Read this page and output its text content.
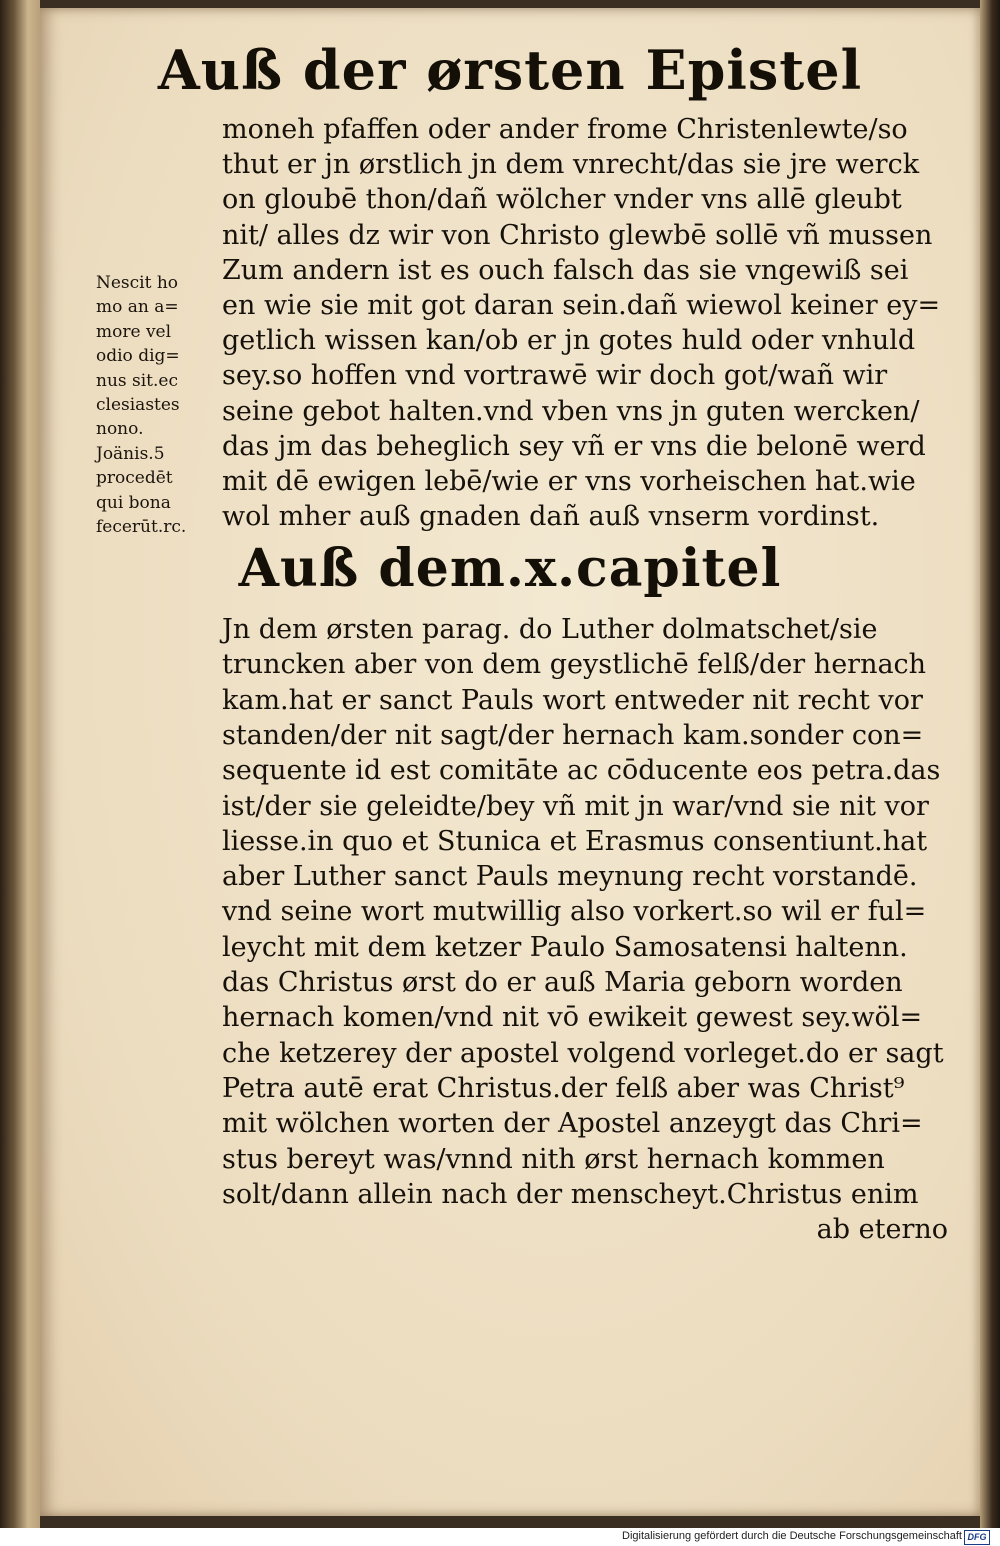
Auß der ørsten Epistel
moneh pfaffen oder ander frome Christenlewte/so
thut er jn ørstlich jn dem vnrecht/das sie jre werck
on gloubē thon/dañ wölcher vnder vns allē gleubt
nit/ alles dz wir von Christo glewbē sollē vñ mussen
Zum andern ist es ouch falsch das sie vngewiß sei
en wie sie mit got daran sein.dañ wiewol keiner ey=
getlich wissen kan/ob er jn gotes huld oder vnhuld
sey.so hoffen vnd vortrawē wir doch got/wañ wir
seine gebot halten.vnd vben vns jn guten wercken/
das jm das beheglich sey vñ er vns die belonē werd
mit dē ewigen lebē/wie er vns vorheischen hat.wie
wol mher auß gnaden dañ auß vnserm vordinst.
Nescit ho
mo an a=
more vel
odio dig=
nus sit.ec
clesiastes
nono.
Joänis.5
procedēt
qui bona
fecerūt.rc.
Auß dem.x.capitel
Jn dem ørsten parag. do Luther dolmatschet/sie
truncken aber von dem geystlichē felß/der hernach
kam.hat er sanct Pauls wort entweder nit recht vor
standen/der nit sagt/der hernach kam.sonder con=
sequente id est comitāte ac cōducente eos petra.das
ist/der sie geleidte/bey vñ mit jn war/vnd sie nit vor
liesse.in quo et Stunica et Erasmus consentiunt.hat
aber Luther sanct Pauls meynung recht vorstandē.
vnd seine wort mutwillig also vorkert.so wil er ful=
leycht mit dem ketzer Paulo Samosatensi haltenn.
das Christus ørst do er auß Maria geborn worden
hernach komen/vnd nit vō ewikeit gewest sey.wöl=
che ketzerey der apostel volgend vorleget.do er sagt
Petra autē erat Christus.der felß aber was Christ⁹
mit wölchen worten der Apostel anzeygt das Chri=
stus bereyt was/vnnd nith ørst hernach kommen
solt/dann allein nach der menscheyt.Christus enim
ab eterno
Digitalisierung gefördert durch die Deutsche Forschungsgemeinschaft DFG
